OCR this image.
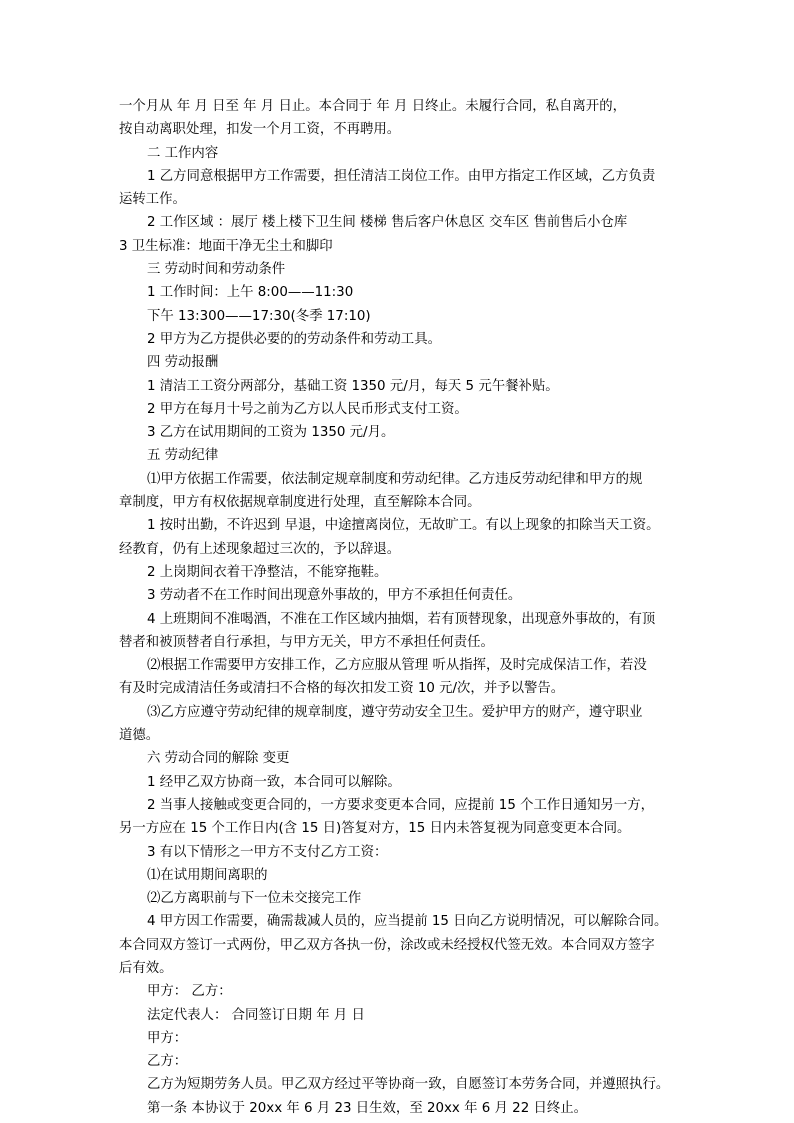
一个月从 年 月 日至 年 月 日止。本合同于 年 月 日终止。未履行合同，私自离开的，
按自动离职处理，扣发一个月工资，不再聘用。
二 工作内容
1 乙方同意根据甲方工作需要，担任清洁工岗位工作。由甲方指定工作区域，乙方负责
运转工作。
2 工作区域 ：展厅 楼上楼下卫生间 楼梯 售后客户休息区 交车区 售前售后小仓库
3 卫生标准：地面干净无尘土和脚印
三 劳动时间和劳动条件
1 工作时间：上午 8:00——11:30
下午 13:300——17:30(冬季 17:10)
2 甲方为乙方提供必要的的劳动条件和劳动工具。
四 劳动报酬
1 清洁工工资分两部分，基础工资 1350 元/月，每天 5 元午餐补贴。
2 甲方在每月十号之前为乙方以人民币形式支付工资。
3 乙方在试用期间的工资为 1350 元/月。
五 劳动纪律
⑴甲方依据工作需要，依法制定规章制度和劳动纪律。乙方违反劳动纪律和甲方的规
章制度，甲方有权依据规章制度进行处理，直至解除本合同。
1 按时出勤，不许迟到 早退，中途擅离岗位，无故旷工。有以上现象的扣除当天工资。
经教育，仍有上述现象超过三次的，予以辞退。
2 上岗期间衣着干净整洁，不能穿拖鞋。
3 劳动者不在工作时间出现意外事故的，甲方不承担任何责任。
4 上班期间不准喝酒，不准在工作区域内抽烟，若有顶替现象，出现意外事故的，有顶
替者和被顶替者自行承担，与甲方无关，甲方不承担任何责任。
⑵根据工作需要甲方安排工作，乙方应服从管理 听从指挥，及时完成保洁工作，若没
有及时完成清洁任务或清扫不合格的每次扣发工资 10 元/次，并予以警告。
⑶乙方应遵守劳动纪律的规章制度，遵守劳动安全卫生。爱护甲方的财产，遵守职业
道德。
六 劳动合同的解除 变更
1 经甲乙双方协商一致，本合同可以解除。
2 当事人接触或变更合同的，一方要求变更本合同，应提前 15 个工作日通知另一方，
另一方应在 15 个工作日内(含 15 日)答复对方，15 日内未答复视为同意变更本合同。
3 有以下情形之一甲方不支付乙方工资：
⑴在试用期间离职的
⑵乙方离职前与下一位未交接完工作
4 甲方因工作需要，确需裁减人员的，应当提前 15 日向乙方说明情况，可以解除合同。
本合同双方签订一式两份，甲乙双方各执一份，涂改或未经授权代签无效。本合同双方签字
后有效。
甲方： 乙方：
法定代表人： 合同签订日期 年 月 日
甲方：
乙方：
乙方为短期劳务人员。甲乙双方经过平等协商一致，自愿签订本劳务合同，并遵照执行。
第一条 本协议于 20xx 年 6 月 23 日生效，至 20xx 年 6 月 22 日终止。
